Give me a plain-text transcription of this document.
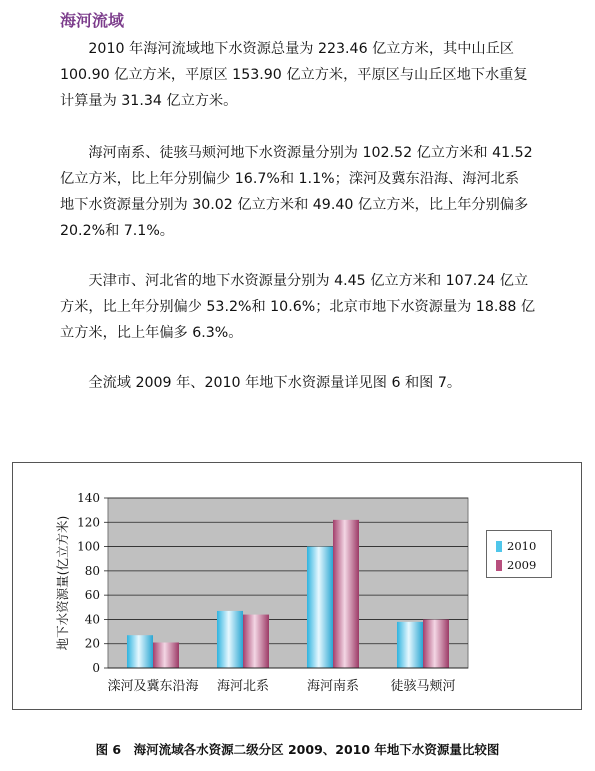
海河流域

2010 年海河流域地下水资源总量为 223.46 亿立方米，其中山丘区
100.90 亿立方米，平原区 153.90 亿立方米，平原区与山丘区地下水重复
计算量为 31.34 亿立方米。

海河南系、徒骇马颊河地下水资源量分别为 102.52 亿立方米和 41.52
亿立方米，比上年分别偏少 16.7%和 1.1%；滦河及冀东沿海、海河北系
地下水资源量分别为 30.02 亿立方米和 49.40 亿立方米，比上年分别偏多
20.2%和 7.1%。

天津市、河北省的地下水资源量分别为 4.45 亿立方米和 107.24 亿立
方米，比上年分别偏少 53.2%和 10.6%；北京市地下水资源量为 18.88 亿
立方米，比上年偏多 6.3%。

全流域 2009 年、2010 年地下水资源量详见图 6 和图 7。

0
20
40
60
80
100
120
140
地下水资源量(亿立方米)
滦河及冀东沿海 海河北系	海河南系 徒骇马颊河
2010
2009
图 6　海河流域各水资源二级分区 2009、2010 年地下水资源量比较图
